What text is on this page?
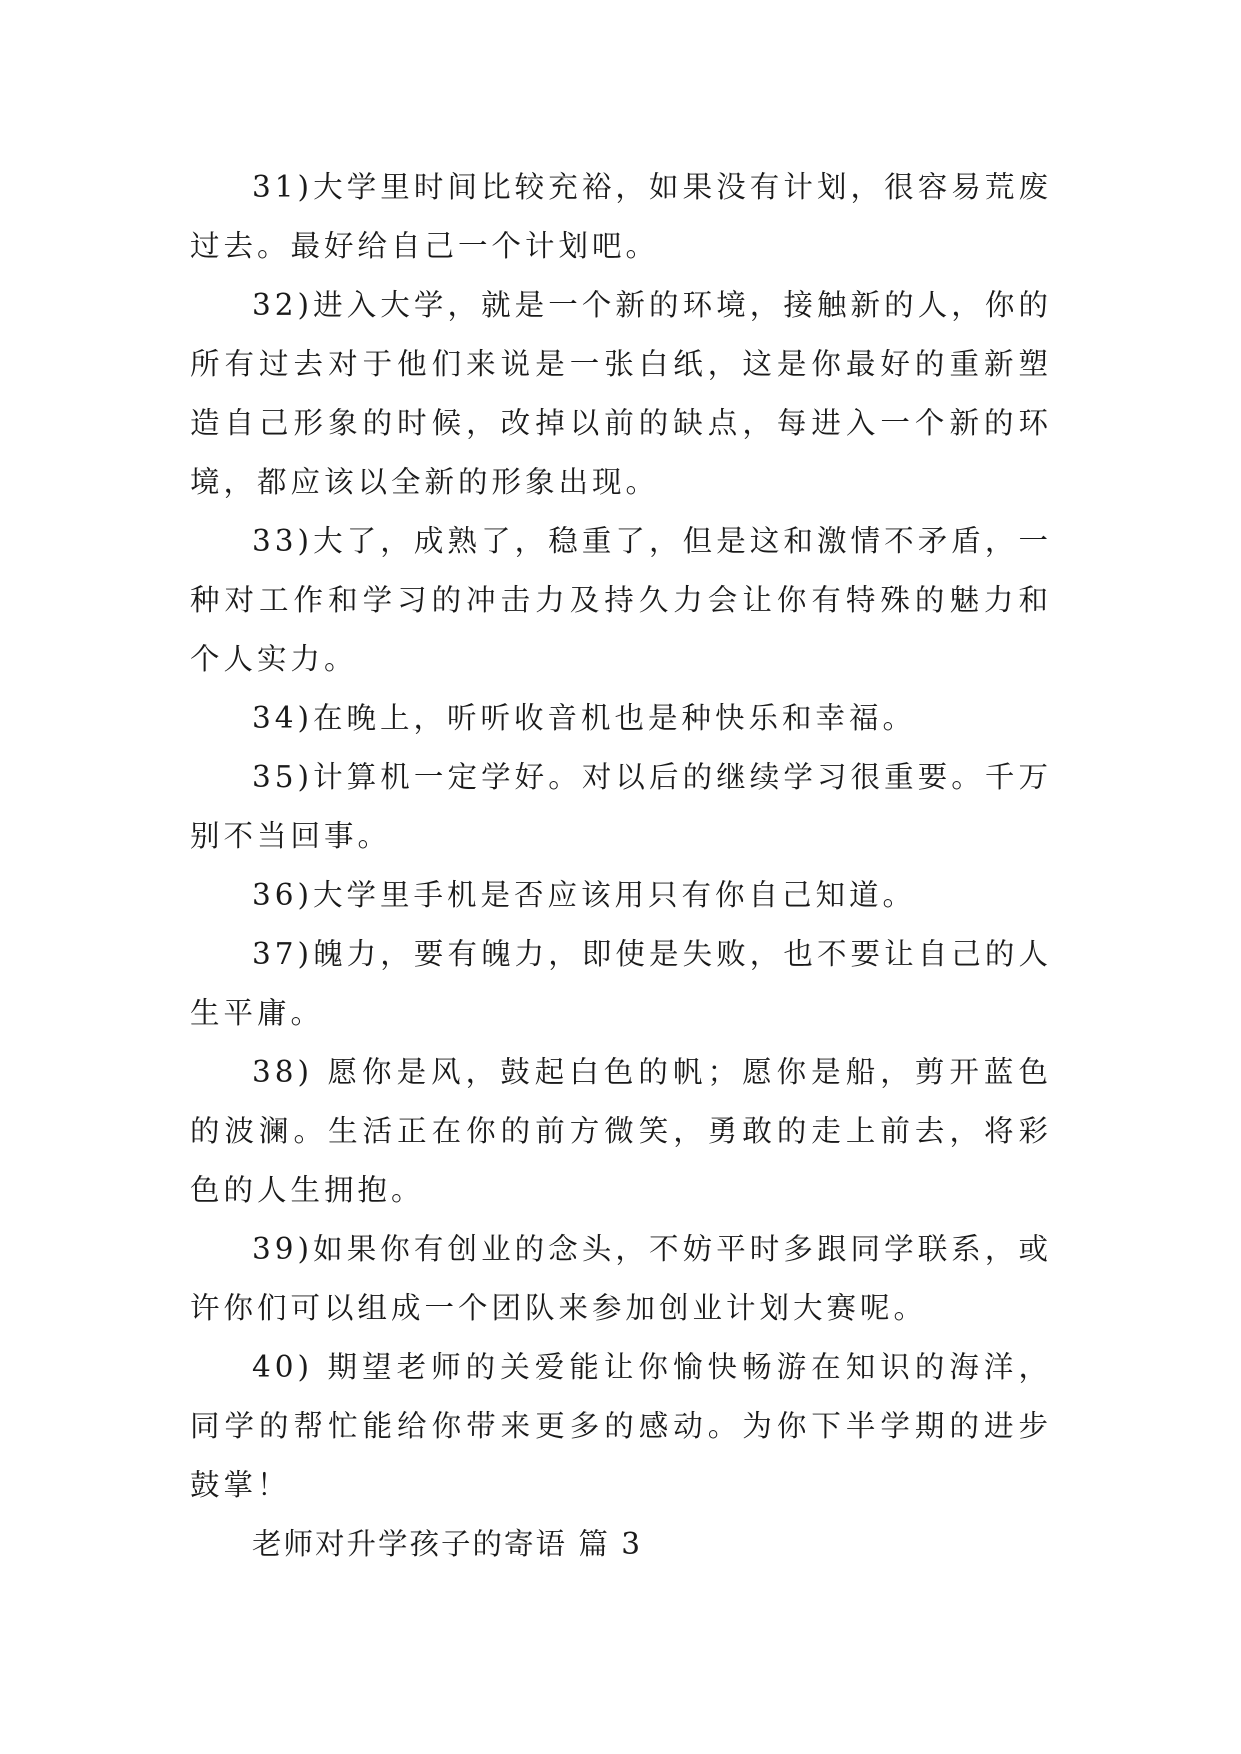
31)大学里时间比较充裕，如果没有计划，很容易荒废过去。最好给自己一个计划吧。

32)进入大学，就是一个新的环境，接触新的人，你的所有过去对于他们来说是一张白纸，这是你最好的重新塑造自己形象的时候，改掉以前的缺点，每进入一个新的环境，都应该以全新的形象出现。

33)大了，成熟了，稳重了，但是这和激情不矛盾，一种对工作和学习的冲击力及持久力会让你有特殊的魅力和个人实力。

34)在晚上，听听收音机也是种快乐和幸福。

35)计算机一定学好。对以后的继续学习很重要。千万别不当回事。

36)大学里手机是否应该用只有你自己知道。

37)魄力，要有魄力，即使是失败，也不要让自己的人生平庸。

38) 愿你是风，鼓起白色的帆；愿你是船，剪开蓝色的波澜。生活正在你的前方微笑，勇敢的走上前去，将彩色的人生拥抱。

39)如果你有创业的念头，不妨平时多跟同学联系，或许你们可以组成一个团队来参加创业计划大赛呢。

40) 期望老师的关爱能让你愉快畅游在知识的海洋，同学的帮忙能给你带来更多的感动。为你下半学期的进步鼓掌！

老师对升学孩子的寄语 篇 3
